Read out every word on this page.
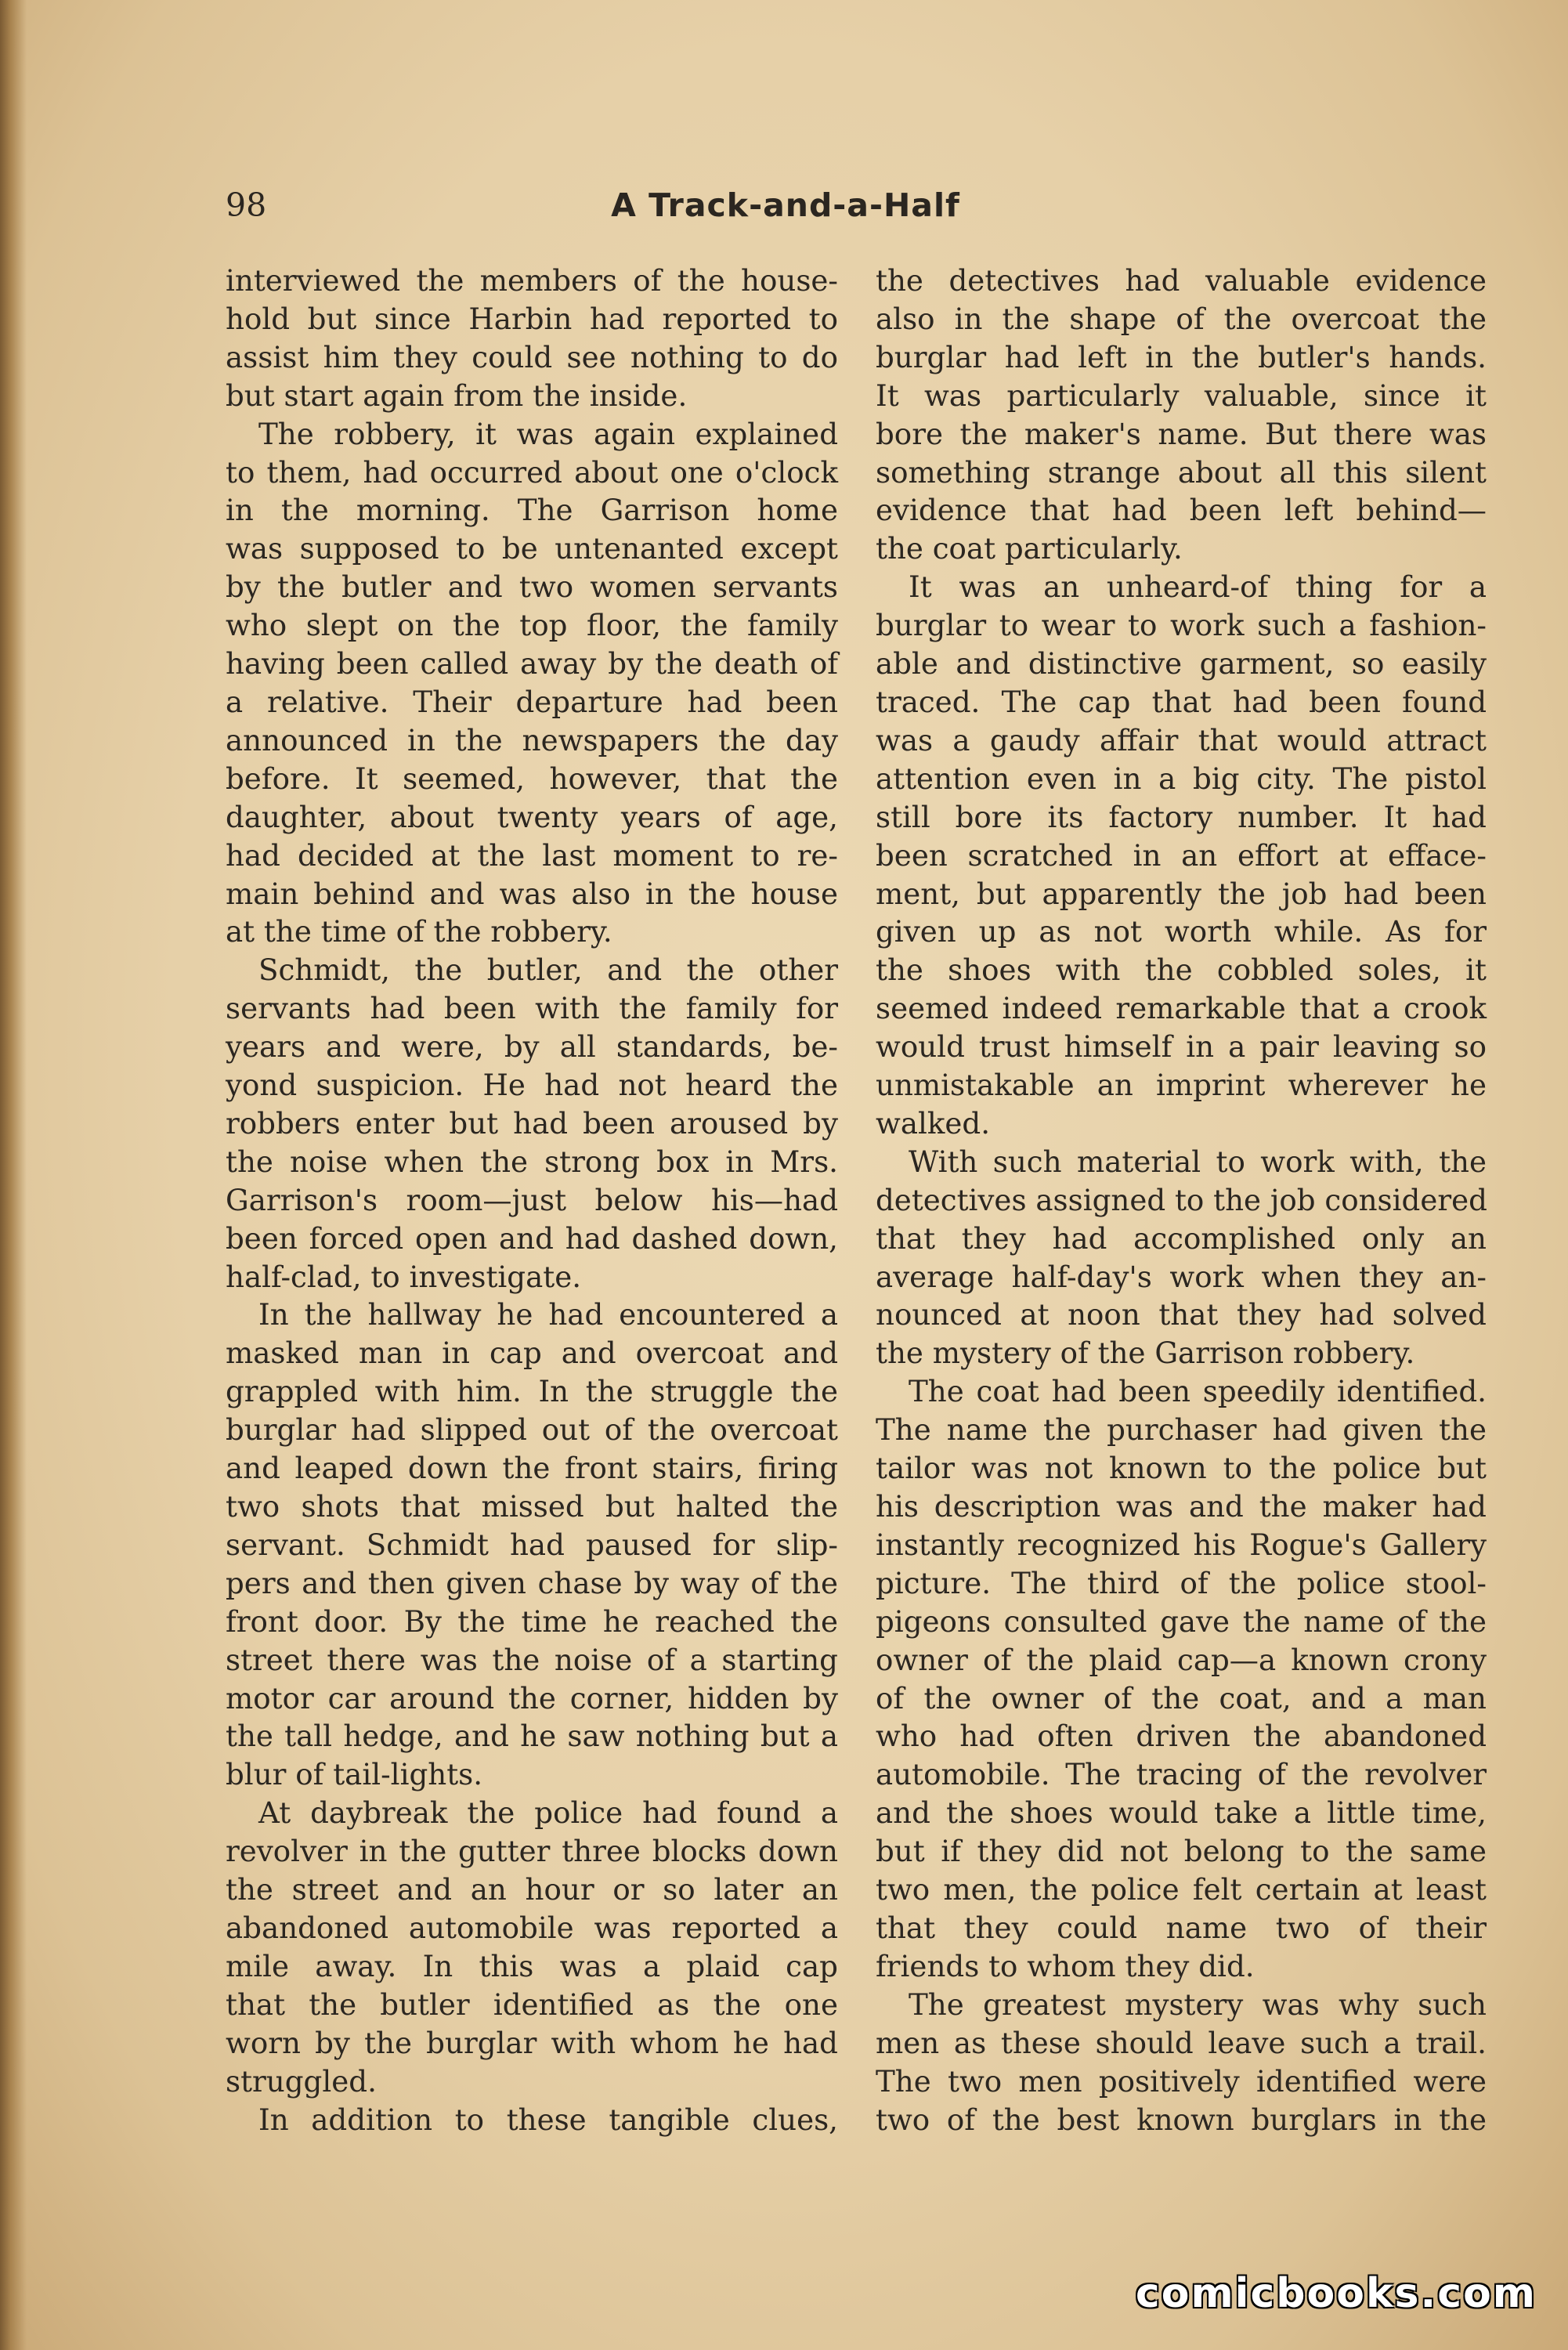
98	A Track-and-a-Half

interviewed the members of the house-
hold but since Harbin had reported to
assist him they could see nothing to do
but start again from the inside.
The robbery, it was again explained
to them, had occurred about one o'clock
in the morning. The Garrison home
was supposed to be untenanted except
by the butler and two women servants
who slept on the top floor, the family
having been called away by the death of
a relative. Their departure had been
announced in the newspapers the day
before. It seemed, however, that the
daughter, about twenty years of age,
had decided at the last moment to re-
main behind and was also in the house
at the time of the robbery.
Schmidt, the butler, and the other
servants had been with the family for
years and were, by all standards, be-
yond suspicion. He had not heard the
robbers enter but had been aroused by
the noise when the strong box in Mrs.
Garrison's room—just below his—had
been forced open and had dashed down,
half-clad, to investigate.
In the hallway he had encountered a
masked man in cap and overcoat and
grappled with him. In the struggle the
burglar had slipped out of the overcoat
and leaped down the front stairs, firing
two shots that missed but halted the
servant. Schmidt had paused for slip-
pers and then given chase by way of the
front door. By the time he reached the
street there was the noise of a starting
motor car around the corner, hidden by
the tall hedge, and he saw nothing but a
blur of tail-lights.
At daybreak the police had found a
revolver in the gutter three blocks down
the street and an hour or so later an
abandoned automobile was reported a
mile away. In this was a plaid cap
that the butler identified as the one
worn by the burglar with whom he had
struggled.
In addition to these tangible clues,

the detectives had valuable evidence
also in the shape of the overcoat the
burglar had left in the butler's hands.
It was particularly valuable, since it
bore the maker's name. But there was
something strange about all this silent
evidence that had been left behind—
the coat particularly.
It was an unheard-of thing for a
burglar to wear to work such a fashion-
able and distinctive garment, so easily
traced. The cap that had been found
was a gaudy affair that would attract
attention even in a big city. The pistol
still bore its factory number. It had
been scratched in an effort at efface-
ment, but apparently the job had been
given up as not worth while. As for
the shoes with the cobbled soles, it
seemed indeed remarkable that a crook
would trust himself in a pair leaving so
unmistakable an imprint wherever he
walked.
With such material to work with, the
detectives assigned to the job considered
that they had accomplished only an
average half-day's work when they an-
nounced at noon that they had solved
the mystery of the Garrison robbery.
The coat had been speedily identified.
The name the purchaser had given the
tailor was not known to the police but
his description was and the maker had
instantly recognized his Rogue's Gallery
picture. The third of the police stool-
pigeons consulted gave the name of the
owner of the plaid cap—a known crony
of the owner of the coat, and a man
who had often driven the abandoned
automobile. The tracing of the revolver
and the shoes would take a little time,
but if they did not belong to the same
two men, the police felt certain at least
that they could name two of their
friends to whom they did.
The greatest mystery was why such
men as these should leave such a trail.
The two men positively identified were
two of the best known burglars in the

comicbooks.com
